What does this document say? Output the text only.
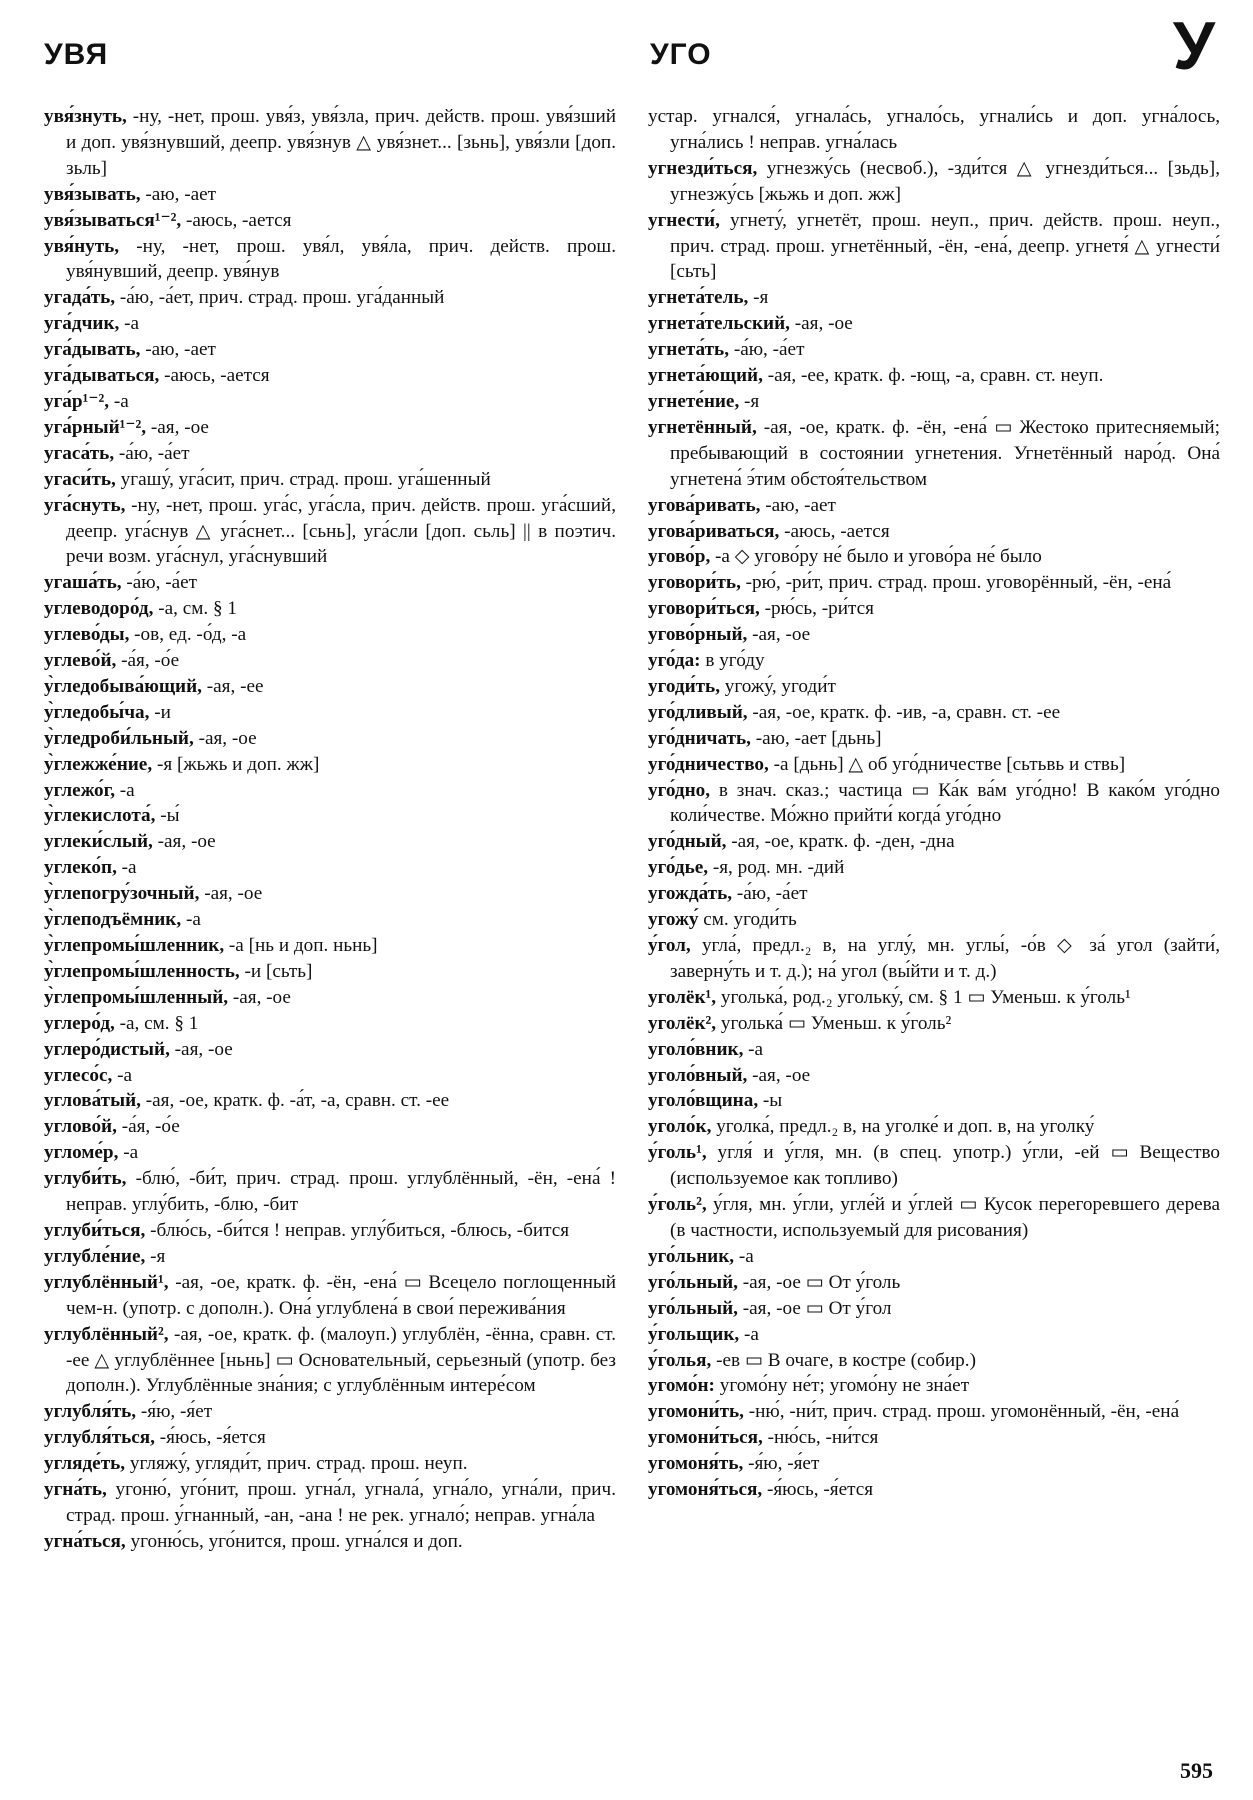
УВЯ	УГО	У

увя́знуть, -ну, -нет, прош. увя́з, увя́зла, прич. действ. прош. увя́зший и доп. увя́знувший, деепр. увя́знув △ увя́знет... [зьнь], увя́зли [доп. зьль]

увя́зывать, -аю, -ает

увя́зываться¹⁻², -аюсь, -ается

увя́нуть, -ну, -нет, прош. увя́л, увя́ла, прич. действ. прош. увя́нувший, деепр. увя́нув

угада́ть, -а́ю, -а́ет, прич. страд. прош. уга́данный

уга́дчик, -а

уга́дывать, -аю, -ает

уга́дываться, -аюсь, -ается

уга́р¹⁻², -а

уга́рный¹⁻², -ая, -ое

угаса́ть, -а́ю, -а́ет

угаси́ть, угашу́, уга́сит, прич. страд. прош. уга́шенный

уга́снуть, -ну, -нет, прош. уга́с, уга́сла, прич. действ. прош. уга́сший, деепр. уга́снув △ уга́снет... [сьнь], уга́сли [доп. сьль] || в поэтич. речи возм. уга́снул, уга́снувший

угаша́ть, -а́ю, -а́ет

углеводоро́д, -а, см. § 1

углево́ды, -ов, ед. -о́д, -а

углево́й, -а́я, -о́е

у̀гледобыва́ющий, -ая, -ее

у̀гледобы́ча, -и

у̀гледроби́льный, -ая, -ое

у̀глежже́ние, -я [жьжь и доп. жж]

углежо́г, -а

у̀глекислота́, -ы́

углеки́слый, -ая, -ое

углеко́п, -а

у̀глепогру́зочный, -ая, -ое

у̀глеподъёмник, -а

у̀глепромы́шленник, -а [нь и доп. ньнь]

у̀глепромы́шленность, -и [сьть]

у̀глепромы́шленный, -ая, -ое

углеро́д, -а, см. § 1

углеро́дистый, -ая, -ое

углесо́с, -а

углова́тый, -ая, -ое, кратк. ф. -а́т, -а, сравн. ст. -ее

углово́й, -а́я, -о́е

угломе́р, -а

углуби́ть, -блю́, -би́т, прич. страд. прош. углублённый, -ён, -ена́ ! неправ. углу́бить, -блю, -бит

углуби́ться, -блю́сь, -би́тся ! неправ. углу́биться, -блюсь, -бится

углубле́ние, -я

углублённый¹, -ая, -ое, кратк. ф. -ён, -ена́ ▭ Всецело поглощенный чем-н. (употр. с дополн.). Она́ углублена́ в свои́ пережива́ния

углублённый², -ая, -ое, кратк. ф. (малоуп.) углублён, -ённа, сравн. ст. -ее △ углублённее [ньнь] ▭ Основательный, серьезный (употр. без дополн.). Углублённые зна́ния; с углублённым интере́сом

углубля́ть, -я́ю, -я́ет

углубля́ться, -я́юсь, -я́ется

угляде́ть, угляжу́, угляди́т, прич. страд. прош. неуп.

угна́ть, угоню́, уго́нит, прош. угна́л, угнала́, угна́ло, угна́ли, прич. страд. прош. у́гнанный, -ан, -ана ! не рек. угнало́; неправ. угна́ла

угна́ться, угоню́сь, уго́нится, прош. угна́лся и доп.

устар. угнался́, угнала́сь, угнало́сь, угнали́сь и доп. угна́лось, угна́лись ! неправ. угна́лась

угнезди́ться, угнезжу́сь (несвоб.), -зди́тся △ угнезди́ться... [зьдь], угнезжу́сь [жьжь и доп. жж]

угнести́, угнету́, угнетёт, прош. неуп., прич. действ. прош. неуп., прич. страд. прош. угнетённый, -ён, -ена́, деепр. угнетя́ △ угнести́ [сьть]

угнета́тель, -я

угнета́тельский, -ая, -ое

угнета́ть, -а́ю, -а́ет

угнета́ющий, -ая, -ее, кратк. ф. -ющ, -а, сравн. ст. неуп.

угнете́ние, -я

угнетённый, -ая, -ое, кратк. ф. -ён, -ена́ ▭ Жестоко притесняемый; пребывающий в состоянии угнетения. Угнетённый наро́д. Она́ угнетена́ э́тим обстоя́тельством

угова́ривать, -аю, -ает

угова́риваться, -аюсь, -ается

угово́р, -а ◇ угово́ру не́ было и угово́ра не́ было

уговори́ть, -рю́, -ри́т, прич. страд. прош. уговорённый, -ён, -ена́

уговори́ться, -рю́сь, -ри́тся

угово́рный, -ая, -ое

уго́да: в уго́ду

угоди́ть, угожу́, угоди́т

уго́дливый, -ая, -ое, кратк. ф. -ив, -а, сравн. ст. -ее

уго́дничать, -аю, -ает [дьнь]

уго́дничество, -а [дьнь] △ об уго́дничестве [сьтьвь и ствь]

уго́дно, в знач. сказ.; частица ▭ Ка́к ва́м уго́дно! В како́м уго́дно коли́честве. Мо́жно прийти́ когда́ уго́дно

уго́дный, -ая, -ое, кратк. ф. -ден, -дна

уго́дье, -я, род. мн. -дий

угожда́ть, -а́ю, -а́ет

угожу́ см. угоди́ть

у́гол, угла́, предл.₂ в, на углу́, мн. углы́, -о́в ◇ за́ угол (зайти́, заверну́ть и т. д.); на́ угол (вы́йти и т. д.)

уголёк¹, уголька́, род.₂ угольку́, см. § 1 ▭ Уменьш. к у́голь¹

уголёк², уголька́ ▭ Уменьш. к у́голь²

уголо́вник, -а

уголо́вный, -ая, -ое

уголо́вщина, -ы

уголо́к, уголка́, предл.₂ в, на уголке́ и доп. в, на уголку́

у́голь¹, угля́ и у́гля, мн. (в спец. употр.) у́гли, -ей ▭ Вещество (используемое как топливо)

у́голь², у́гля, мн. у́гли, угле́й и у́глей ▭ Кусок перегоревшего дерева (в частности, используемый для рисования)

уго́льник, -а

уго́льный, -ая, -ое ▭ От у́голь

уго́льный, -ая, -ое ▭ От у́гол

у́гольщик, -а

у́голья, -ев ▭ В очаге, в костре (собир.)

угомо́н: угомо́ну не́т; угомо́ну не зна́ет

угомони́ть, -ню́, -ни́т, прич. страд. прош. угомонённый, -ён, -ена́

угомони́ться, -ню́сь, -ни́тся

угомоня́ть, -я́ю, -я́ет

угомоня́ться, -я́юсь, -я́ется

595
